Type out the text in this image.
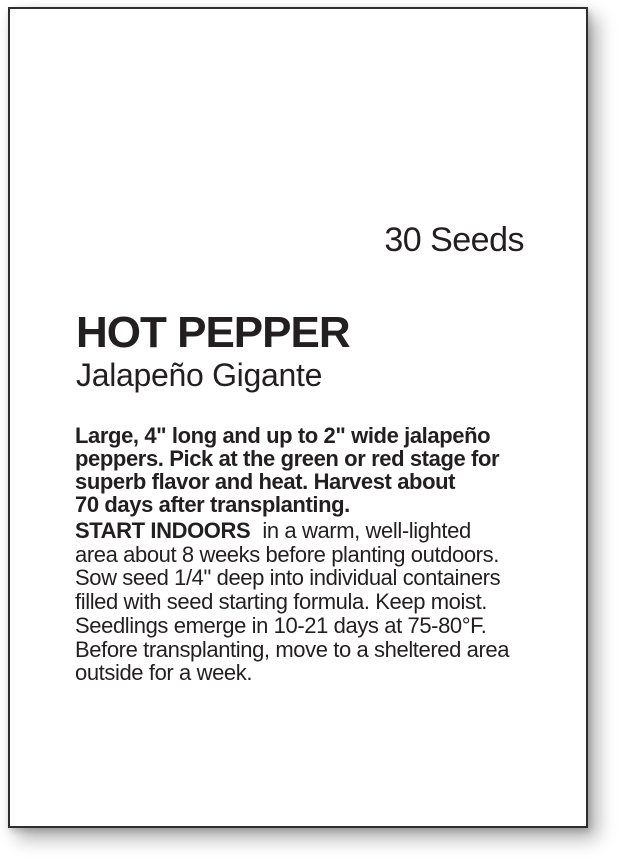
30 Seeds
HOT PEPPER
Jalapeño Gigante
Large, 4" long and up to 2" wide jalapeño
peppers. Pick at the green or red stage for
superb flavor and heat. Harvest about
70 days after transplanting.
START INDOORS in a warm, well-lighted
area about 8 weeks before planting outdoors.
Sow seed 1/4" deep into individual containers
filled with seed starting formula. Keep moist.
Seedlings emerge in 10-21 days at 75-80°F.
Before transplanting, move to a sheltered area
outside for a week.
